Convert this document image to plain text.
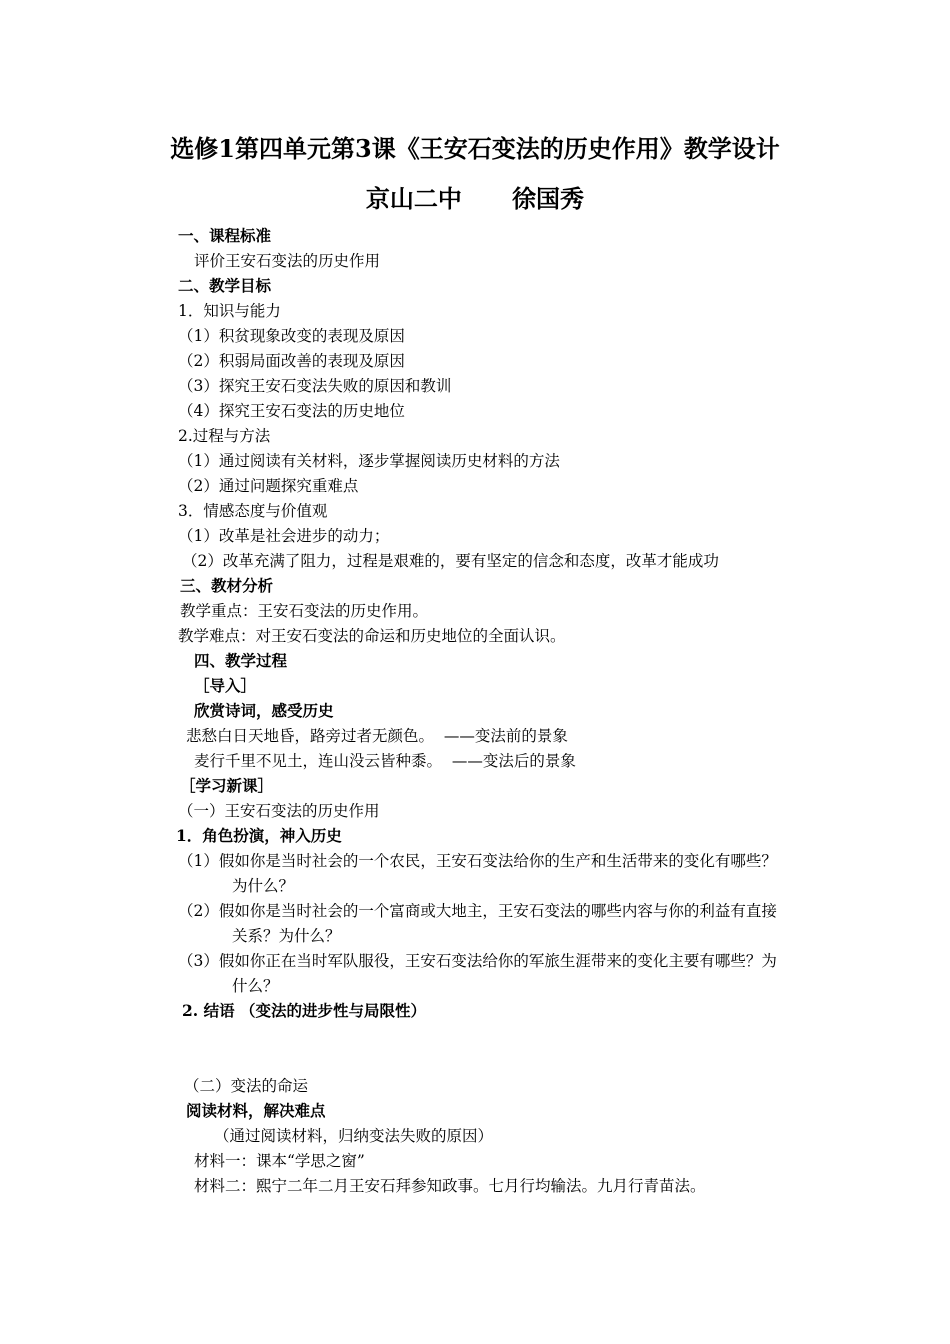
选修1第四单元第3课《王安石变法的历史作用》教学设计
京山二中      徐国秀
一、课程标准
评价王安石变法的历史作用
二、教学目标
1．知识与能力
（1）积贫现象改变的表现及原因
（2）积弱局面改善的表现及原因
（3）探究王安石变法失败的原因和教训
（4）探究王安石变法的历史地位
2.过程与方法
（1）通过阅读有关材料，逐步掌握阅读历史材料的方法
（2）通过问题探究重难点
3．情感态度与价值观
（1）改革是社会进步的动力；
（2）改革充满了阻力，过程是艰难的，要有坚定的信念和态度，改革才能成功
三、教材分析
教学重点：王安石变法的历史作用。
教学难点：对王安石变法的命运和历史地位的全面认识。
四、教学过程
［导入］
欣赏诗词，感受历史
悲愁白日天地昏，路旁过者无颜色。  ——变法前的景象
麦行千里不见土，连山没云皆种黍。  ——变法后的景象
［学习新课］
（一）王安石变法的历史作用
1．角色扮演，神入历史
（1）假如你是当时社会的一个农民，王安石变法给你的生产和生活带来的变化有哪些？
为什么？
（2）假如你是当时社会的一个富商或大地主，王安石变法的哪些内容与你的利益有直接
关系？为什么？
（3）假如你正在当时军队服役，王安石变法给你的军旅生涯带来的变化主要有哪些？为
什么？
2. 结语 （变法的进步性与局限性）
（二）变法的命运
阅读材料，解决难点
（通过阅读材料，归纳变法失败的原因）
材料一：课本“学思之窗”
材料二：熙宁二年二月王安石拜参知政事。七月行均输法。九月行青苗法。
